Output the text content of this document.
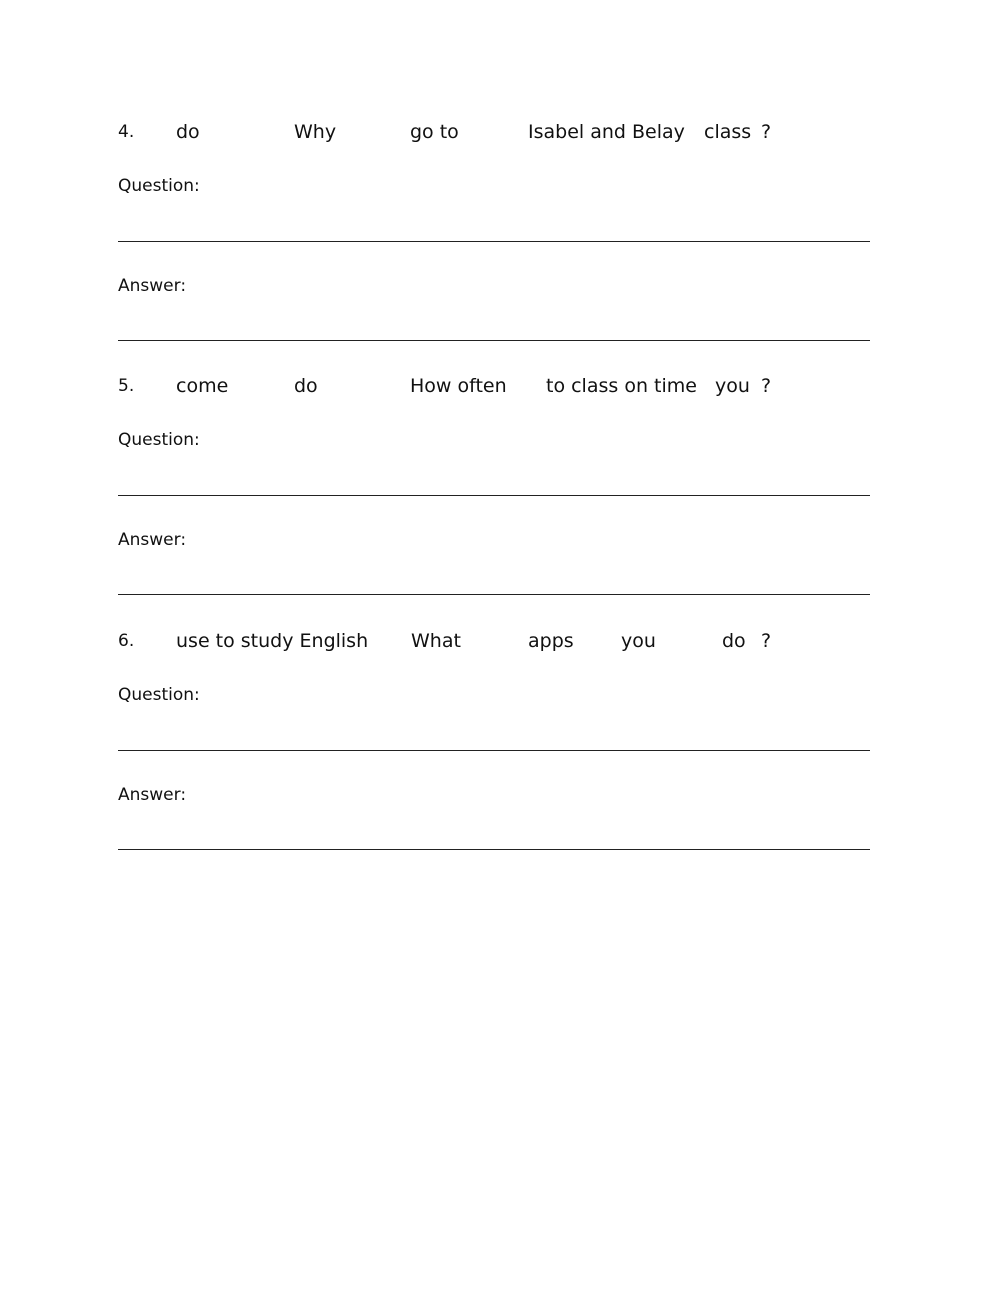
4. do	Why	go to	Isabel and Belay class ?
Question:
Answer:
5. come	do	How often to class on time you ?
Question:
Answer:
6. use to study English What	apps you	do ?
Question:
Answer:
